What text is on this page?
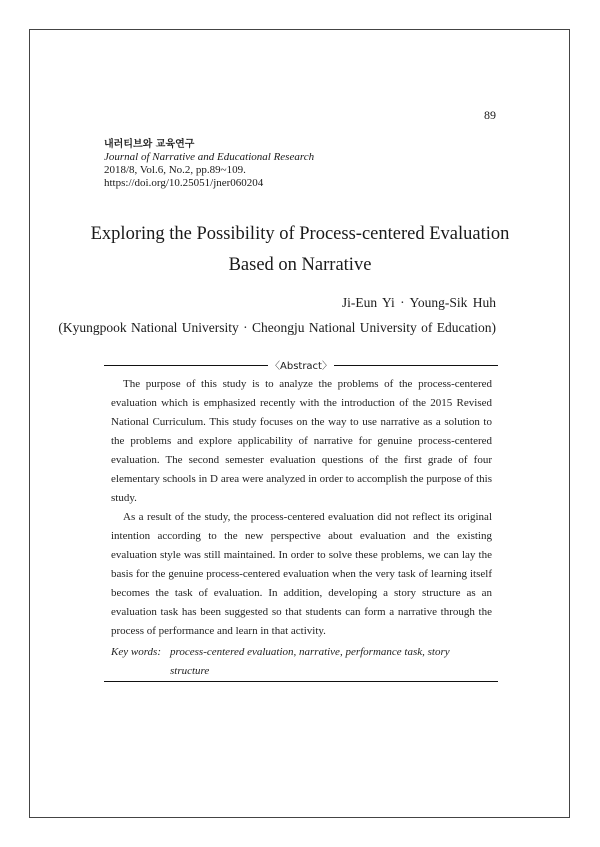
89
내러티브와 교육연구
Journal of Narrative and Educational Research
2018/8, Vol.6, No.2, pp.89~109.
https://doi.org/10.25051/jner060204
Exploring the Possibility of Process-centered Evaluation
Based on Narrative
Ji-Eun Yi · Young-Sik Huh
(Kyungpook National University · Cheongju National University of Education)
〈Abstract〉

The purpose of this study is to analyze the problems of the process-centered evaluation which is emphasized recently with the introduction of the 2015 Revised National Curriculum. This study focuses on the way to use narrative as a solution to the problems and explore applicability of narrative for genuine process-centered evaluation. The second semester evaluation questions of the first grade of four elementary schools in D area were analyzed in order to accomplish the purpose of this study.

As a result of the study, the process-centered evaluation did not reflect its original intention according to the new perspective about evaluation and the existing evaluation style was still maintained. In order to solve these problems, we can lay the basis for the genuine process-centered evaluation when the very task of learning itself becomes the task of evaluation. In addition, developing a story structure as an evaluation task has been suggested so that students can form a narrative through the process of performance and learn in that activity.

Key words: process-centered evaluation, narrative, performance task, story
structure
